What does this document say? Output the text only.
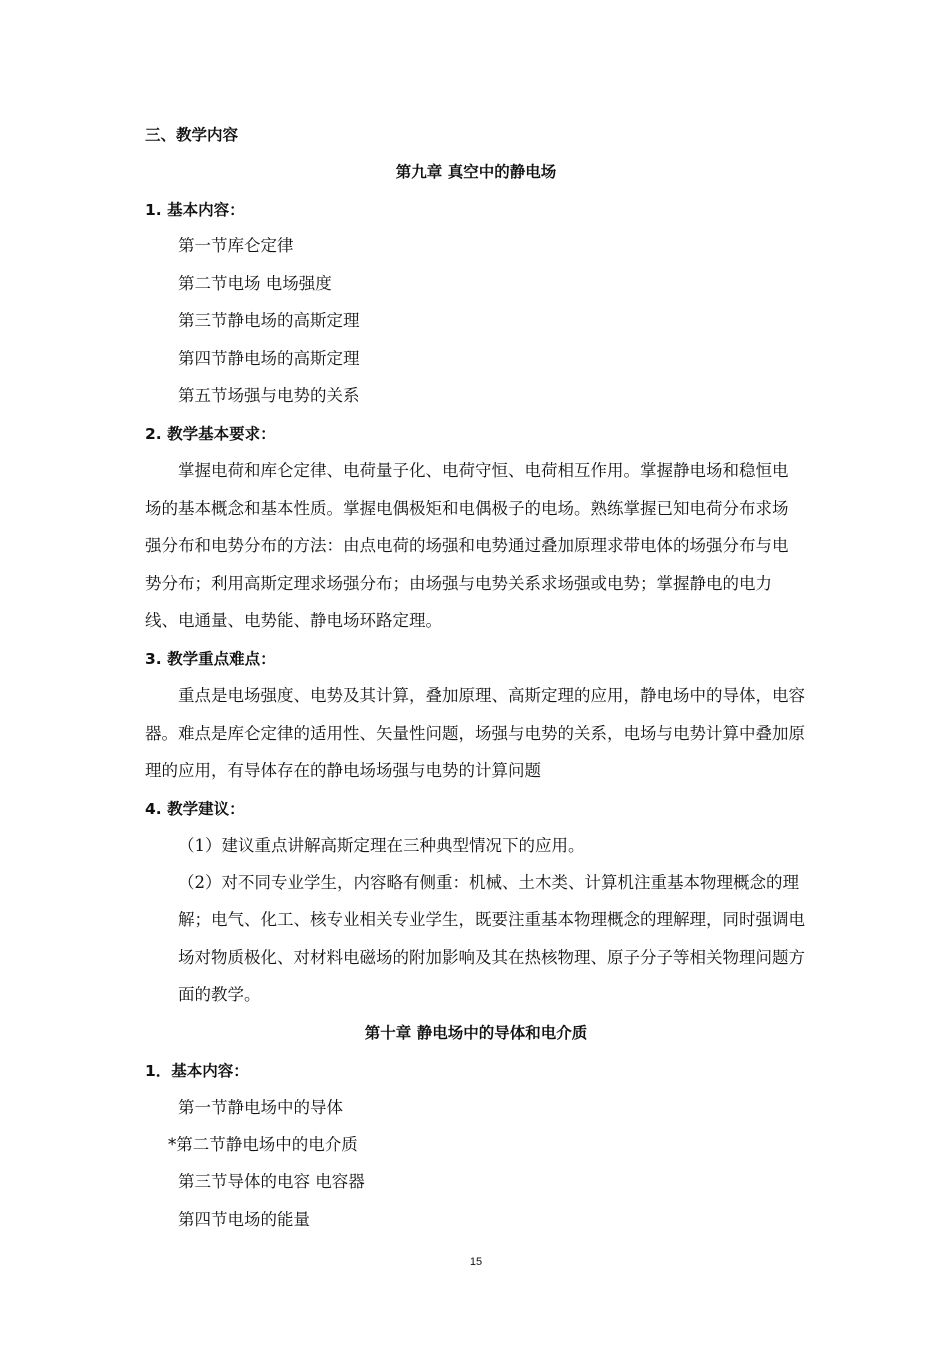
三、教学内容
第九章 真空中的静电场
1. 基本内容：
第一节库仑定律
第二节电场 电场强度
第三节静电场的高斯定理
第四节静电场的高斯定理
第五节场强与电势的关系
2. 教学基本要求：
掌握电荷和库仑定律、电荷量子化、电荷守恒、电荷相互作用。掌握静电场和稳恒电
场的基本概念和基本性质。掌握电偶极矩和电偶极子的电场。熟练掌握已知电荷分布求场
强分布和电势分布的方法：由点电荷的场强和电势通过叠加原理求带电体的场强分布与电
势分布；利用高斯定理求场强分布；由场强与电势关系求场强或电势；掌握静电的电力
线、电通量、电势能、静电场环路定理。
3. 教学重点难点：
重点是电场强度、电势及其计算，叠加原理、高斯定理的应用，静电场中的导体，电容
器。难点是库仑定律的适用性、矢量性问题，场强与电势的关系，电场与电势计算中叠加原
理的应用，有导体存在的静电场场强与电势的计算问题
4. 教学建议：
（1）建议重点讲解高斯定理在三种典型情况下的应用。
（2）对不同专业学生，内容略有侧重：机械、土木类、计算机注重基本物理概念的理
解；电气、化工、核专业相关专业学生，既要注重基本物理概念的理解理，同时强调电
场对物质极化、对材料电磁场的附加影响及其在热核物理、原子分子等相关物理问题方
面的教学。
第十章 静电场中的导体和电介质
1．基本内容：
第一节静电场中的导体
*第二节静电场中的电介质
第三节导体的电容 电容器
第四节电场的能量
15
